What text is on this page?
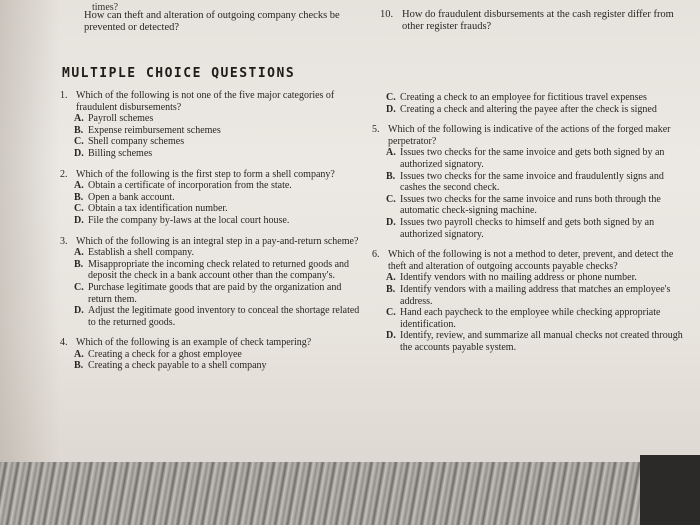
times?
How can theft and alteration of outgoing company checks be prevented or detected?
10. How do fraudulent disbursements at the cash register differ from other register frauds?
MULTIPLE CHOICE QUESTIONS
1. Which of the following is not one of the five major categories of fraudulent disbursements?
A. Payroll schemes
B. Expense reimbursement schemes
C. Shell company schemes
D. Billing schemes
2. Which of the following is the first step to form a shell company?
A. Obtain a certificate of incorporation from the state.
B. Open a bank account.
C. Obtain a tax identification number.
D. File the company by-laws at the local court house.
3. Which of the following is an integral step in a pay-and-return scheme?
A. Establish a shell company.
B. Misappropriate the incoming check related to returned goods and deposit the check in a bank account other than the company's.
C. Purchase legitimate goods that are paid by the organization and return them.
D. Adjust the legitimate good inventory to conceal the shortage related to the returned goods.
4. Which of the following is an example of check tampering?
A. Creating a check for a ghost employee
B. Creating a check payable to a shell company
C. Creating a check to an employee for fictitious travel expenses
D. Creating a check and altering the payee after the check is signed
5. Which of the following is indicative of the actions of the forged maker perpetrator?
A. Issues two checks for the same invoice and gets both signed by an authorized signatory.
B. Issues two checks for the same invoice and fraudulently signs and cashes the second check.
C. Issues two checks for the same invoice and runs both through the automatic check-signing machine.
D. Issues two payroll checks to himself and gets both signed by an authorized signatory.
6. Which of the following is not a method to deter, prevent, and detect the theft and alteration of outgoing accounts payable checks?
A. Identify vendors with no mailing address or phone number.
B. Identify vendors with a mailing address that matches an employee's address.
C. Hand each paycheck to the employee while checking appropriate identification.
D. Identify, review, and summarize all manual checks not created through the accounts payable system.
